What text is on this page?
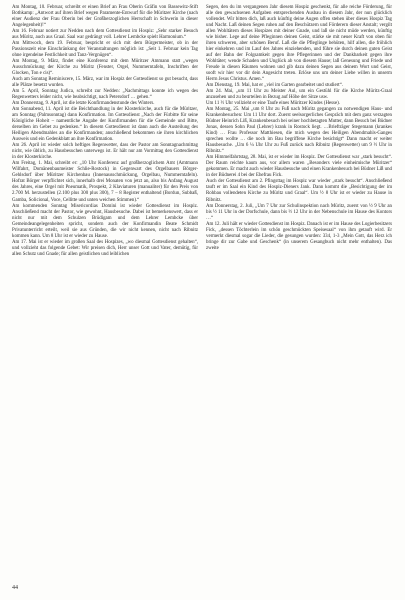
Am Montag, 10. Februar, schreibt er einen Brief an Frau Oberin Gräfin von Bassewitz-Stift Bothkamp: „Antwort auf ihren Brief wegen Paramente-Entwurf für die Müritzer Kirche (nach einer Audienz der Frau Oberin bei der Großherzoglichen Herrschaft in Schwerin in dieser Angelegenheit)!“

Am 16. Februar notiert zur Nedden nach dem Gottesdienst im Hospiz: „Sehr starker Besuch aus Müritz, auch aus Graal. Saal war gedrängt voll. Lehrer Lembcke spielt Harmonium.“

Am Mittwoch, dem 19. Februar, bespricht er sich mit dem Bürgermeister, ob in der Passionszeit eine Einschränkung der Veranstaltungen möglich ist: „Seit 1. Februar kein Tag ohne irgendeine Festlichkeit und Tanz-Vergnügen“.

Am Montag, 9. März, findet eine Konferenz mit dem Müritzer Ammann statt „wegen Ausschmückung der Kirche zu Müritz (Fenster, Orgel, Nummerntafeln, Inschriften der Glocken, Ton e cis)“.

Auch am Sonntag Reminiscere, 15. März, war im Hospiz der Gottesdienst so gut besucht, dass alle Plätze besetzt wurden.

Am 5. April, Sonntag Judica, schreibt zur Nedden: „Nachmittags konnte ich wegen des Regenwetters leider nicht, wie beabsichtigt, nach Petersdorf … gehen.“

Am Donnerstag, 9. April, ist die letzte Konfirmandenstunde des Winters.

Am Sonnabend, 11. April ist die Beichthandlung in der Klosterkirche, auch für die Müritzer, am Sonntag (Palmsonntag) dann Konfirmation. Im Gottesdienst „Nach der Fürbitte für seine Königliche Hoheit – namentliche Angabe der Konfirmanden für die Gemeinde und Bitte, derselben im Gebet zu gedenken.“ In diesem Gottesdienst ist dann auch die Austeilung des Heiligen Abendmahles an die Konfirmanden; anschließend bekommen sie ihren kirchlichen Ausweis und ein Gedenkblatt an ihre Konfirmation.

Am 26. April ist wieder solch heftiges Regenwetter, dass der Pastor am Sonntagnachmittag nicht, wie üblich, zu Hausbesuchen unterwegs ist. Er hält nur am Vormittag den Gottesdienst in der Klosterkirche.

Am Freitag, 1. Mai, schreibt er: „10 Uhr Konferenz auf großherzoglichem Amt (Amtmann Wilfahrt, Domänenbaumeister Schlie-Rostock) in Gegenwart des Orgelbauers Börger-Gehlsdorf über Müritzer Kirchenbau (Innenausschmückung, Orgelbau, Nummerntafeln). Hofrat Börger verpflichtet sich, innerhalb drei Monaten von jetzt an, also bis Anfang August des Jahres, eine Orgel mit Pneumatik, Prospekt, 2 Klaviaturen (manualiter) für den Preis von 2.700 M. herzustellen (2.100 plus 300 plus 300), 7 – 8 Register enthaltend (Bordun, Subbaß, Gamba, Solicional, Voce, Cellitte und unten weichen Stimmen).“

Am kommenden Sonntag Misericordias Domini ist wieder Gottesdienst im Hospiz. Anschließend macht der Pastor, wie gewohnt, Hausbesuche. Dabei ist bemerkenswert, dass er nicht nur mit dem Schulzen Brüdigam und dem Lehrer Lembcke über Gemeindeangelegenheiten spricht, sondern auch der Konfirmandin Beate Schmidt Privatunterricht erteilt, weil sie aus Gründen, die wir nicht kennen, nicht nach Ribnitz kommen kann. Um 8 Uhr ist er wieder zu Hause.

Am 17. Mai ist er wieder im großen Saal des Hospizes, „wo diesmal Gottesdienst gehalten“, und vollzieht das folgende Gebet: Wir preisen dich, Herr unser Gott und Vater, demütig, für allen Schutz und Gnade; für allen geistlichen und leiblichen

Segen, den du im vergangenen Jahr diesem Hospiz geschenkt, für alle reiche Förderung, für alle den gewachsenen Aufgaben entsprechenden Ausbau in diesem Jahr, der nun glücklich vollendet. Wir bitten dich, laß auch künftig deine Augen offen stehen über dieses Hospiz Tag und Nacht. Laß deinen Segen ruhen auf den Beschützern und Förderern dieser Anstalt; vergilt allen Wohltätern dieses Hospizes mit deiner Gnade, und laß sie nicht müde werden, künftig wie bisher. Lege auf deine Pfleginnen deinen Geist, stärke sie mit neuer Kraft von oben für ihren schweren, aber schönen Beruf. Laß die die Pfleglinge behüten, hilf allen, die fröhlich hier einkehren und im Lauf des Jahres einziehenden, und führe sie durch deinen guten Geist auf der Bahn der Folgsamkeit gegen ihre Pflegerinnen und der Dankbarkeit gegen ihre Wohltäter; wende Schaden und Unglück ab von diesem Hause; laß Genesung und Friede und Freude in diesen Räumen wohnen und gib dazu deinen Segen aus deinem Wort und Geist, sooft wir hier vor dir dein Angesicht treten. Erlöse uns um deiner Liebe willen in unserm Herrn Jesus Christus. Amen.“

Am Dienstag, 19. Mai, hat er „viel im Garten gearbeitet und studiert“.

Am 24. Mai, „um 11 Uhr zu Meister Aul, um ein Gestühl für die Kirche Müritz-Graal anzusehen und zu beurteilen in Bezug auf Höhe der Sitze usw.

Um 11 ½ Uhr vollzieht er eine Taufe eines Müritzer Kindes (Hesse).

Am Montag, 25. Mai „um 8 Uhr zu Fuß nach Müritz gegangen zu notwendigen Haus- und Krankenbesuchen: Um 11 Uhr dort. Zuerst seelsorgerliches Gespräch mit dem ganz verzagten Büdner Heinrich Liß, Krankenbesuch bei seiner hochbetagten Mutter, dann Besuch bei Büdner Jonas, dessen Sohn Paul (Lehrer) krank in Rostock liegt. …Briefträger Stegemann (krankes Kind) … Frau Professor Matthiesen, die mich wegen des Heiligen Abendmahls-Ganges sprechen wollte … die noch im Bau begriffene Kirche besichtigt“ Dann macht er weiter Hausbesuche. „Um 6 ¼ Uhr Uhr zu Fuß zurück nach Ribnitz (Regenwetter) um 9 ½ Uhr in Ribnitz.“

Am Himmelfahrtstag, 28. Mai, ist er wieder im Hospiz. Der Gottesdienst war „stark besucht“. Der Raum reichte kaum aus, vor allem waren „Besonders viele einheimische Müritzer“ gekommen. Er macht auch wieder Hausbesuche und einen Krankenbesuch bei Büdner Liß und in der Büdnerei 4 bei der Ehefrau Fick.

Auch der Gottesdienst am 2. Pfingsttag im Hospiz war wieder „stark besucht“. Anschließend tauft er im Saal ein Kind des Hospiz-Dieners Jank. Dann kommt die „Besichtigung der im Rohbau vollendeten Kirche zu Müritz und Graal“. Um ½ 8 Uhr ist er wieder zu Hause in Ribnitz.

Am Donnerstag, 2. Juli, „Um 7 Uhr zur Schulinspektion nach Müritz, zuerst von ½ 9 Uhr an bis ½ 11 Uhr in der Dorfschule, dann bis ½ 12 Uhr in der Nebenschule im Hause des Kontors …“

Am 12. Juli hält er wieder Gottesdienst im Hospiz. Danach ist er im Hause des Logierbesitzers Fick, „dessen Töchterlein im schön geschmückten Speisesaal“ von ihm getauft wird. Er vermerkt diesmal sogar die Lieder, die gesungen wurden: 334, 1-3 „Mein Gott, das Herz ich bringe dir zur Gabe und Geschenk“ (in unserem Gesangbuch nicht mehr enthalten). Das zweite

44
